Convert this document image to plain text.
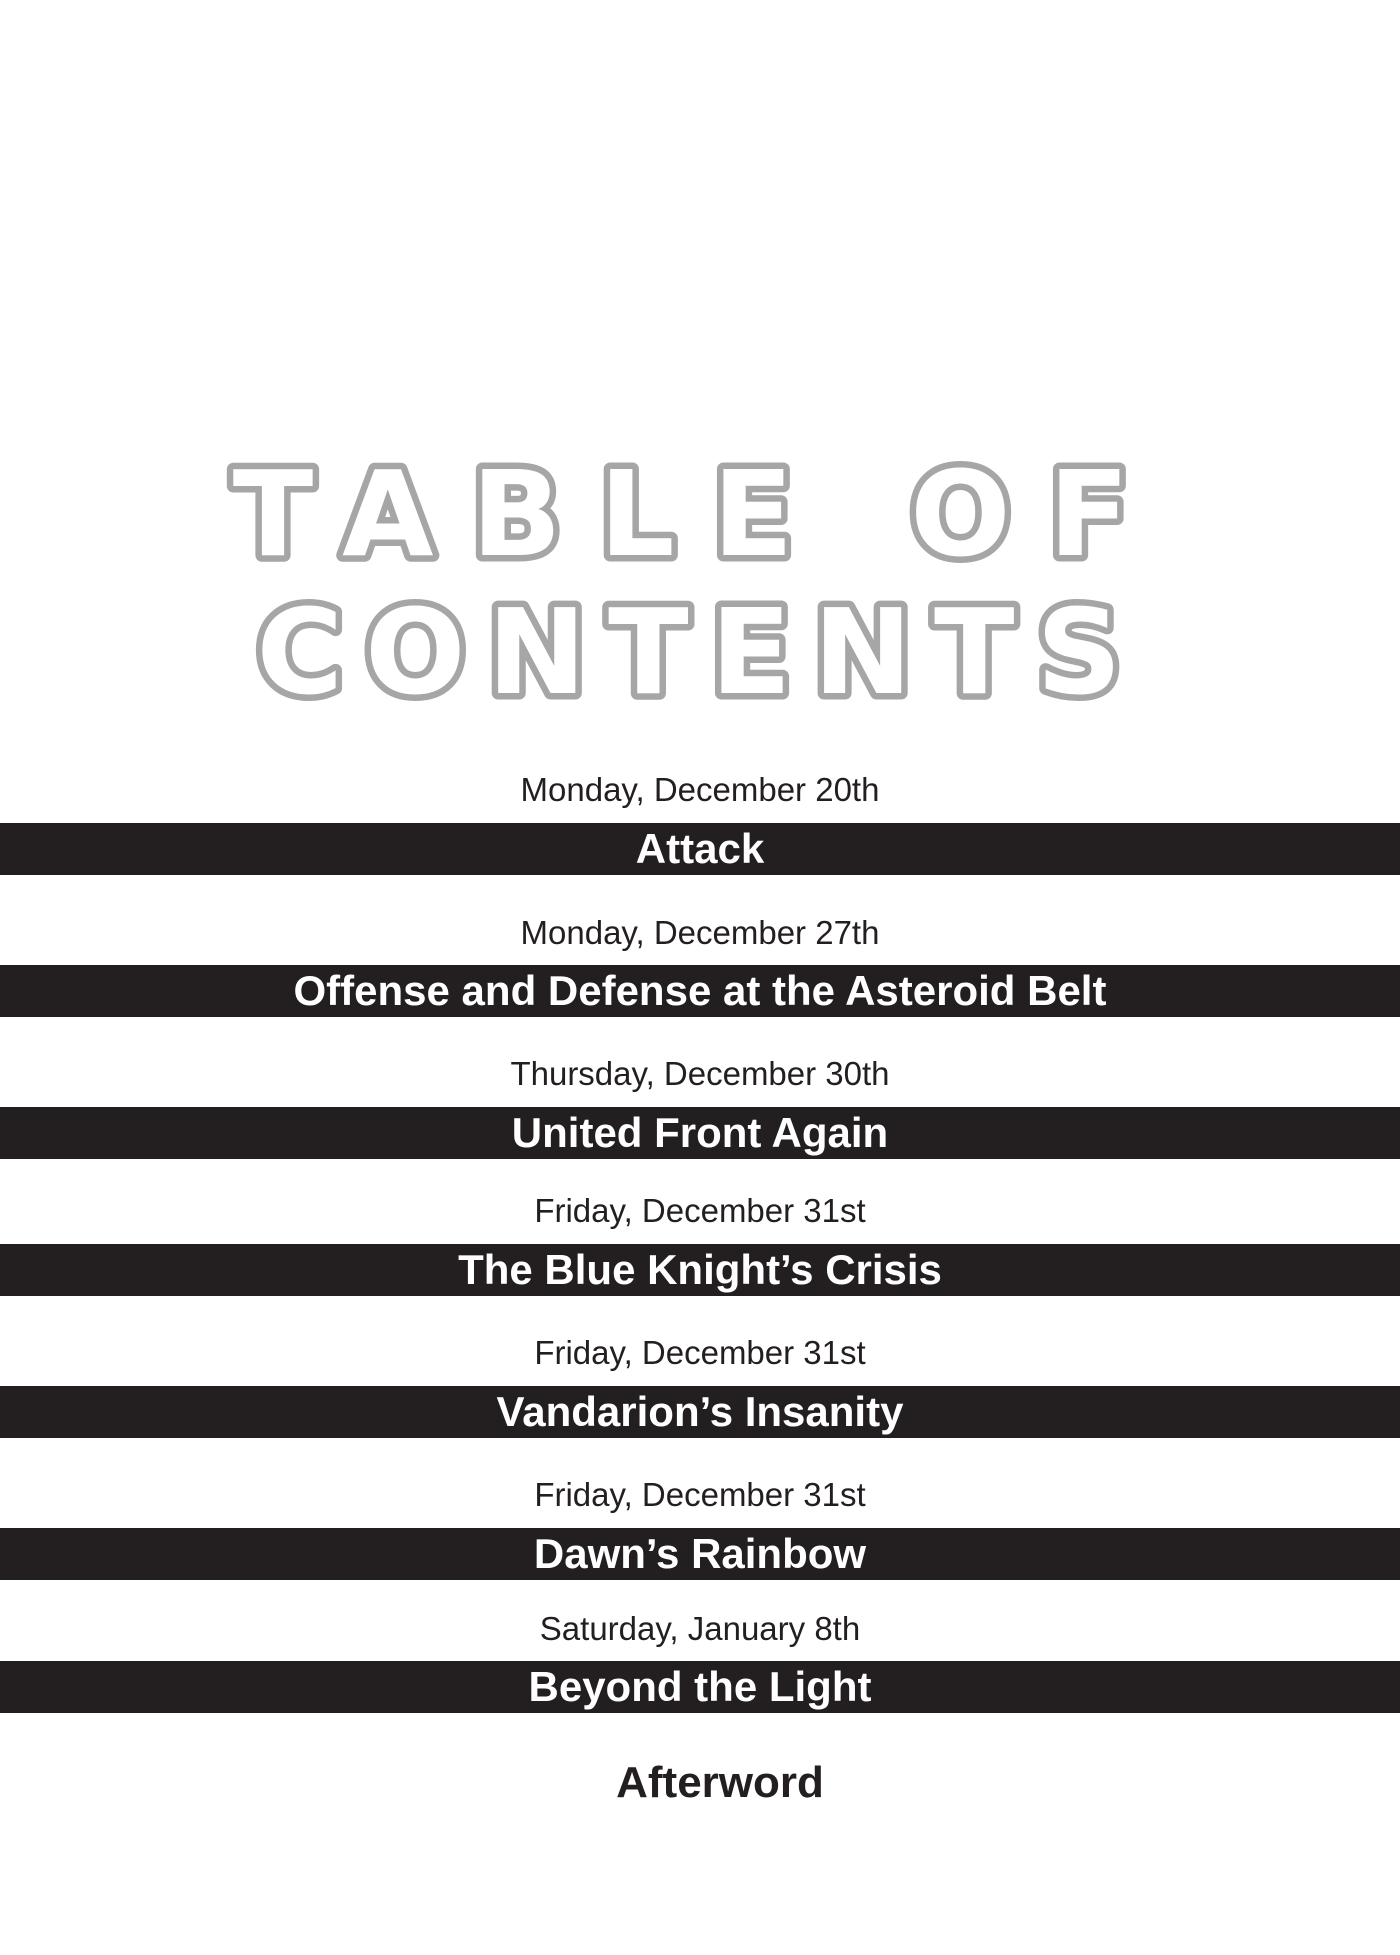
TABLE OF
CONTENTS
Monday, December 20th
Attack
Monday, December 27th
Offense and Defense at the Asteroid Belt
Thursday, December 30th
United Front Again
Friday, December 31st
The Blue Knight’s Crisis
Friday, December 31st
Vandarion’s Insanity
Friday, December 31st
Dawn’s Rainbow
Saturday, January 8th
Beyond the Light
Afterword
